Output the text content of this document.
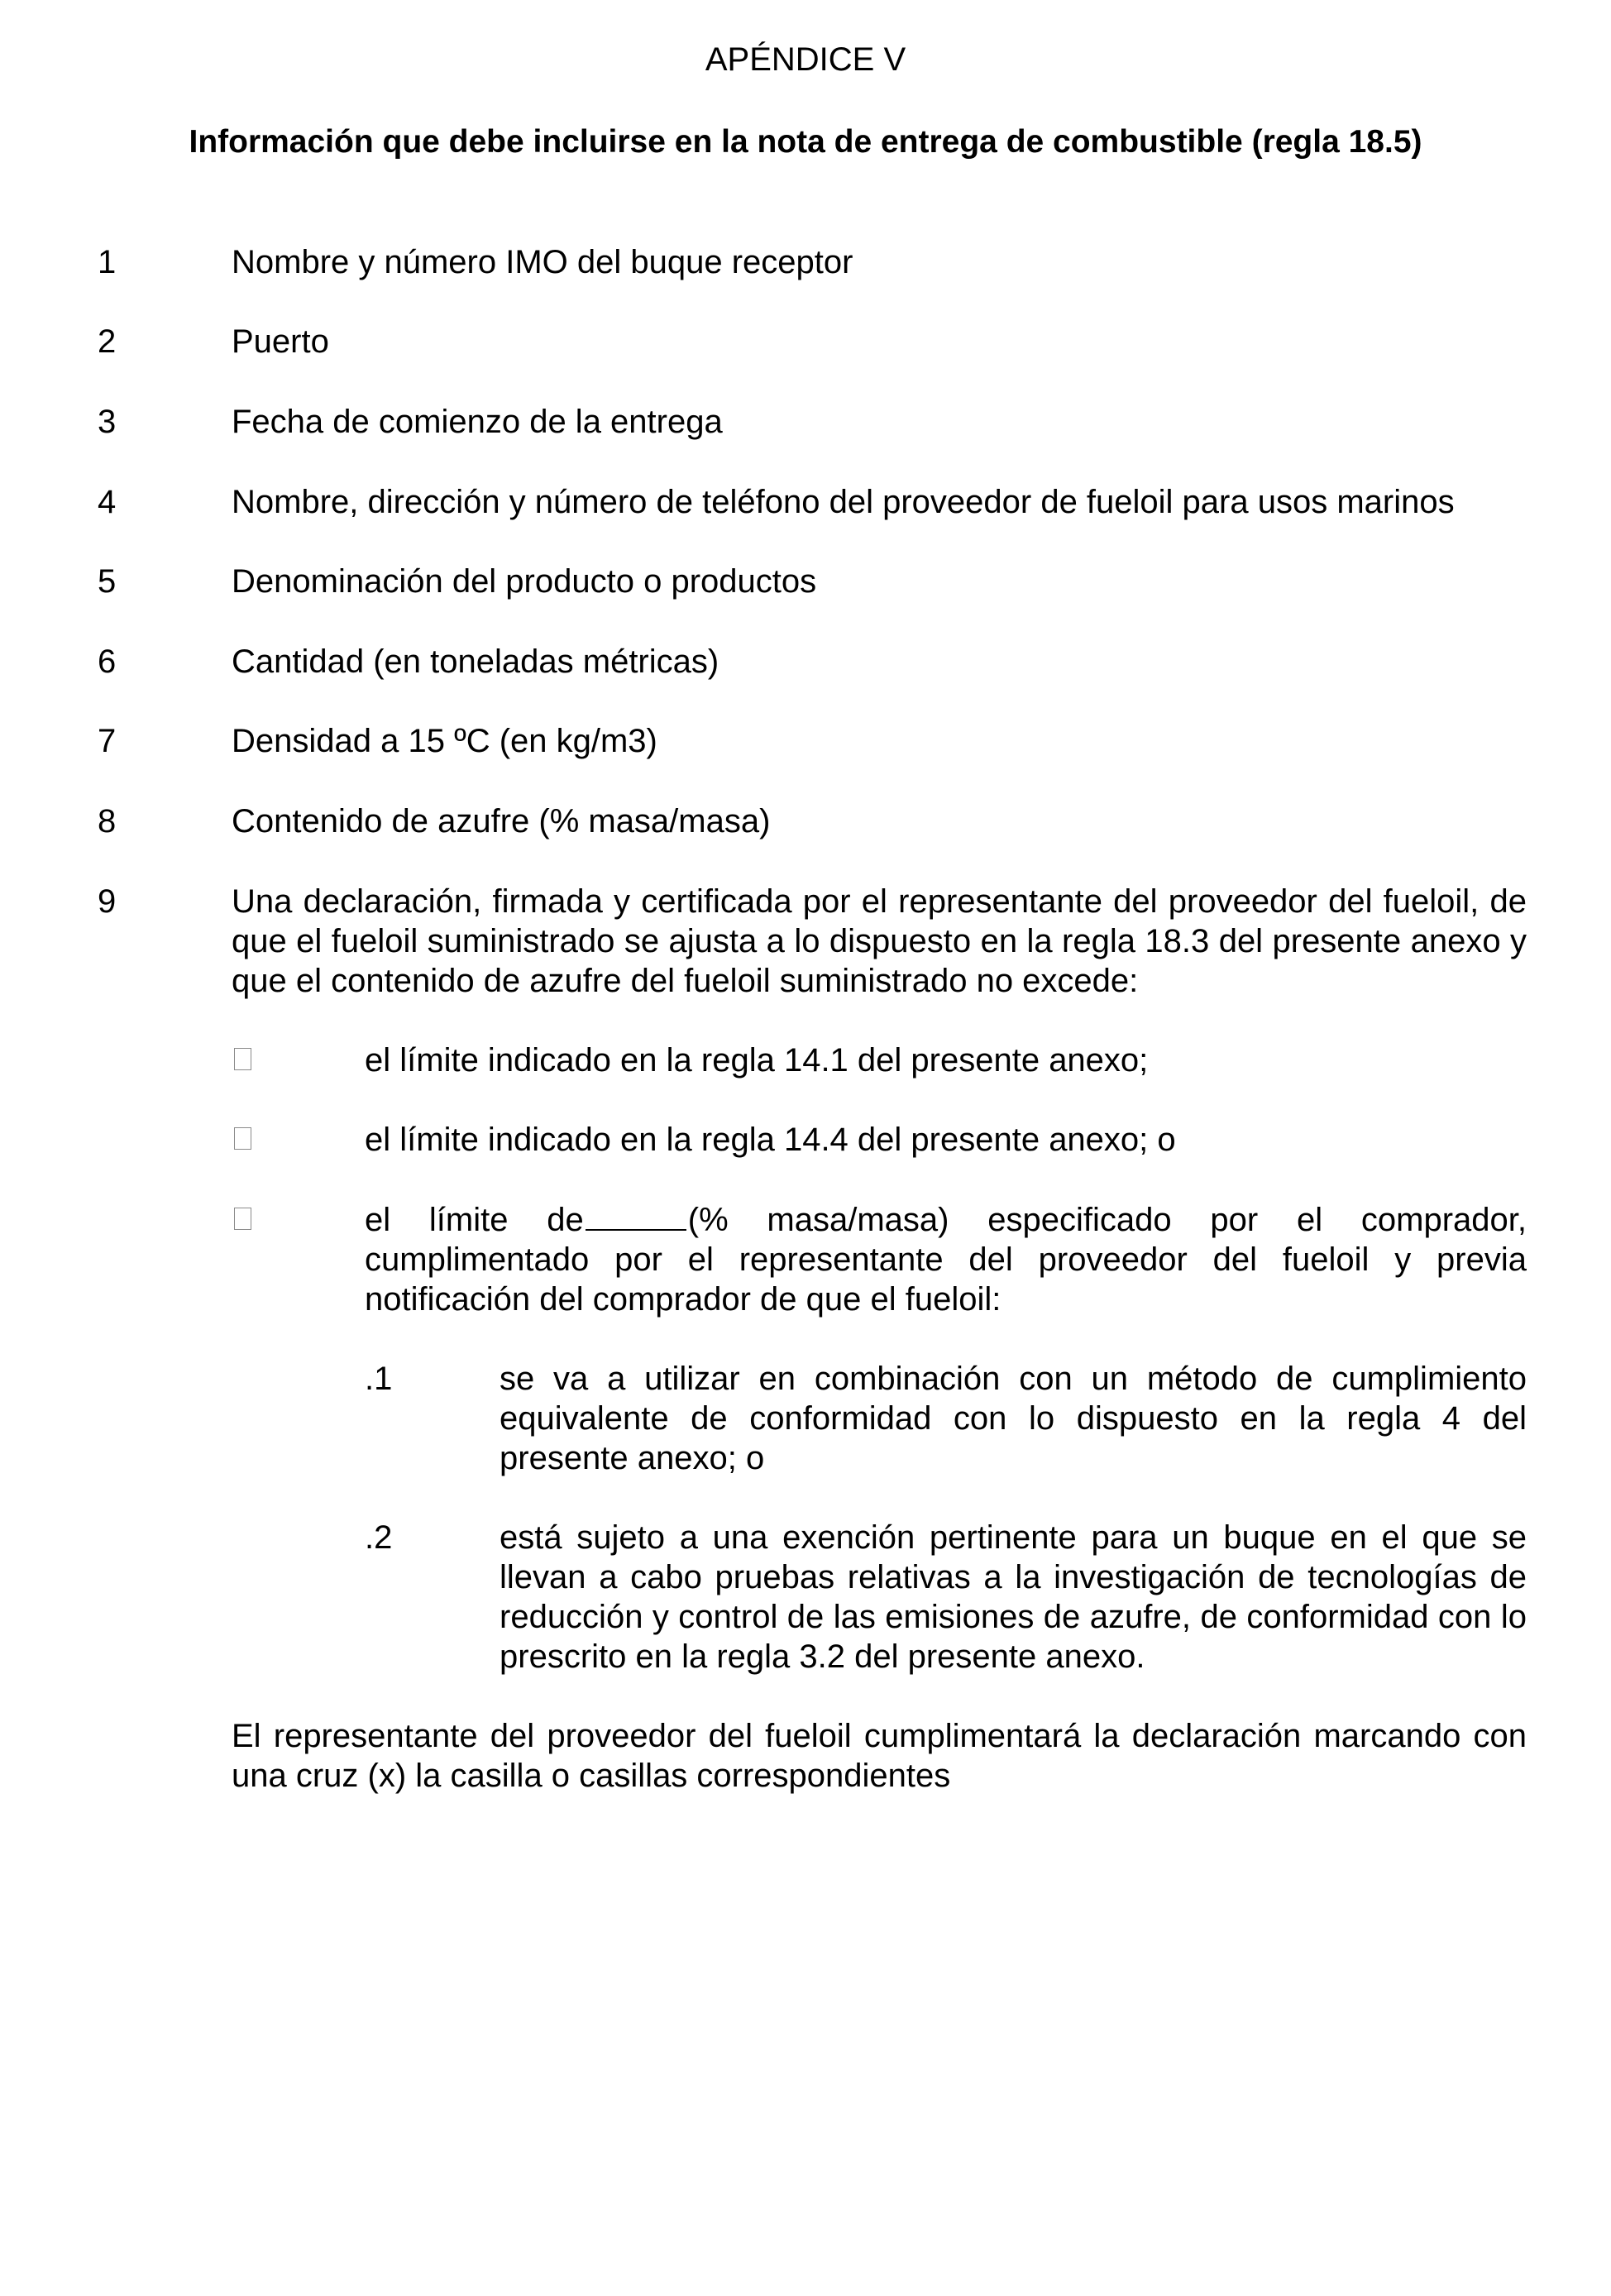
APÉNDICE V
Información que debe incluirse en la nota de entrega de combustible (regla 18.5)
1	Nombre y número IMO del buque receptor
2	Puerto
3	Fecha de comienzo de la entrega
4	Nombre, dirección y número de teléfono del proveedor de fueloil para usos marinos
5	Denominación del producto o productos
6	Cantidad (en toneladas métricas)
7	Densidad a 15 ºC (en kg/m3)
8	Contenido de azufre (% masa/masa)
9	Una declaración, firmada y certificada por el representante del proveedor del fueloil, de que el fueloil suministrado se ajusta a lo dispuesto en la regla 18.3 del presente anexo y que el contenido de azufre del fueloil suministrado no excede:
el límite indicado en la regla 14.1 del presente anexo;
el límite indicado en la regla 14.4 del presente anexo; o
el límite de	(% masa/masa) especificado por el comprador, cumplimentado por el representante del proveedor del fueloil y previa notificación del comprador de que el fueloil:
.1	se va a utilizar en combinación con un método de cumplimiento equivalente de conformidad con lo dispuesto en la regla 4 del presente anexo; o
.2	está sujeto a una exención pertinente para un buque en el que se llevan a cabo pruebas relativas a la investigación de tecnologías de reducción y control de las emisiones de azufre, de conformidad con lo prescrito en la regla 3.2 del presente anexo.
El representante del proveedor del fueloil cumplimentará la declaración marcando con una cruz (x) la casilla o casillas correspondientes
